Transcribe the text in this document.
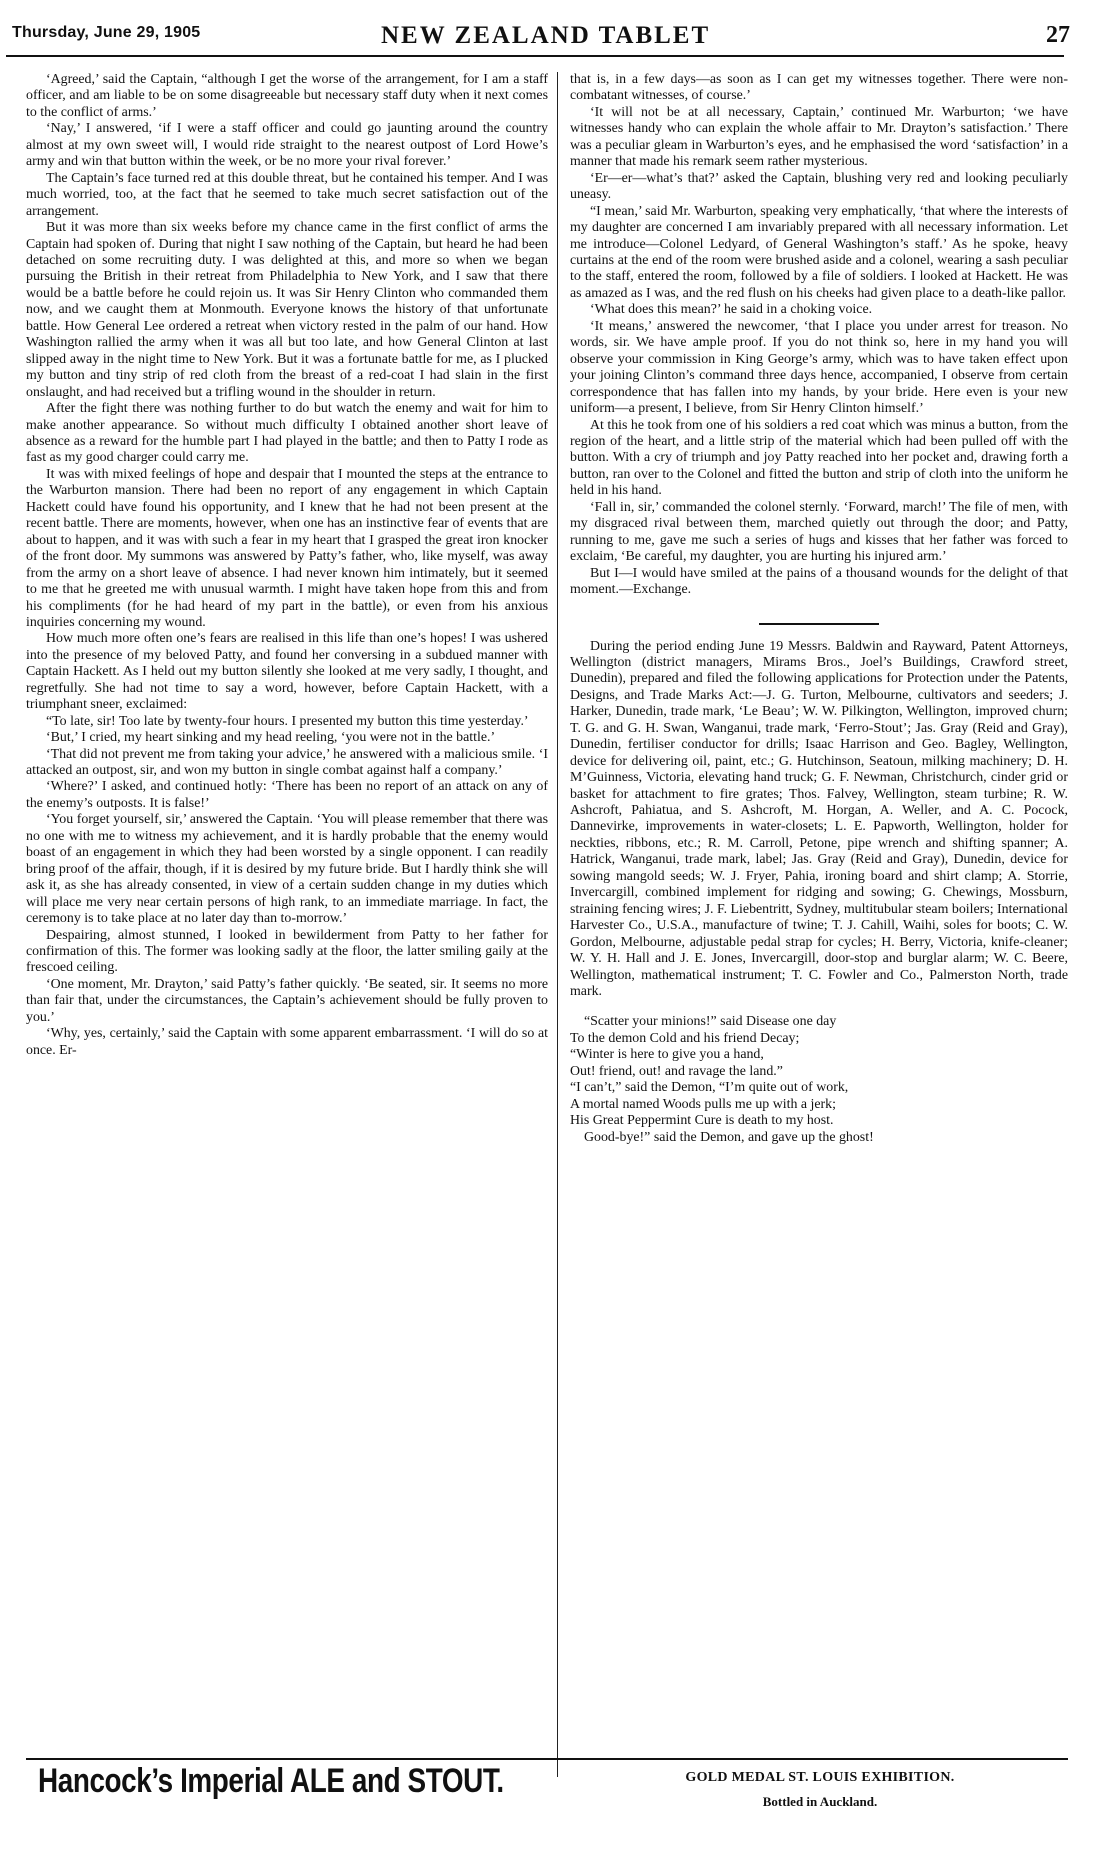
Thursday, June 29, 1905	NEW ZEALAND TABLET	27

‘Agreed,’ said the Captain, “although I get the worse of the arrangement, for I am a staff officer, and am liable to be on some disagreeable but necessary staff duty when it next comes to the conflict of arms.’

‘Nay,’ I answered, ‘if I were a staff officer and could go jaunting around the country almost at my own sweet will, I would ride straight to the nearest outpost of Lord Howe’s army and win that button within the week, or be no more your rival forever.’

The Captain’s face turned red at this double threat, but he contained his temper. And I was much worried, too, at the fact that he seemed to take much secret satisfaction out of the arrangement.

But it was more than six weeks before my chance came in the first conflict of arms the Captain had spoken of. During that night I saw nothing of the Captain, but heard he had been detached on some recruiting duty. I was delighted at this, and more so when we began pursuing the British in their retreat from Philadelphia to New York, and I saw that there would be a battle before he could rejoin us. It was Sir Henry Clinton who commanded them now, and we caught them at Monmouth. Everyone knows the history of that unfortunate battle. How General Lee ordered a retreat when victory rested in the palm of our hand. How Washington rallied the army when it was all but too late, and how General Clinton at last slipped away in the night time to New York. But it was a fortunate battle for me, as I plucked my button and tiny strip of red cloth from the breast of a red-coat I had slain in the first onslaught, and had received but a trifling wound in the shoulder in return.

After the fight there was nothing further to do but watch the enemy and wait for him to make another appearance. So without much difficulty I obtained another short leave of absence as a reward for the humble part I had played in the battle; and then to Patty I rode as fast as my good charger could carry me.

It was with mixed feelings of hope and despair that I mounted the steps at the entrance to the Warburton mansion. There had been no report of any engagement in which Captain Hackett could have found his opportunity, and I knew that he had not been present at the recent battle. There are moments, however, when one has an instinctive fear of events that are about to happen, and it was with such a fear in my heart that I grasped the great iron knocker of the front door. My summons was answered by Patty’s father, who, like myself, was away from the army on a short leave of absence. I had never known him intimately, but it seemed to me that he greeted me with unusual warmth. I might have taken hope from this and from his compliments (for he had heard of my part in the battle), or even from his anxious inquiries concerning my wound.

How much more often one’s fears are realised in this life than one’s hopes! I was ushered into the presence of my beloved Patty, and found her conversing in a subdued manner with Captain Hackett. As I held out my button silently she looked at me very sadly, I thought, and regretfully. She had not time to say a word, however, before Captain Hackett, with a triumphant sneer, exclaimed:

“To late, sir! Too late by twenty-four hours. I presented my button this time yesterday.’

‘But,’ I cried, my heart sinking and my head reeling, ‘you were not in the battle.’

‘That did not prevent me from taking your advice,’ he answered with a malicious smile. ‘I attacked an outpost, sir, and won my button in single combat against half a company.’

‘Where?’ I asked, and continued hotly: ‘There has been no report of an attack on any of the enemy’s outposts. It is false!’

‘You forget yourself, sir,’ answered the Captain. ‘You will please remember that there was no one with me to witness my achievement, and it is hardly probable that the enemy would boast of an engagement in which they had been worsted by a single opponent. I can readily bring proof of the affair, though, if it is desired by my future bride. But I hardly think she will ask it, as she has already consented, in view of a certain sudden change in my duties which will place me very near certain persons of high rank, to an immediate marriage. In fact, the ceremony is to take place at no later day than to-morrow.’

Despairing, almost stunned, I looked in bewilderment from Patty to her father for confirmation of this. The former was looking sadly at the floor, the latter smiling gaily at the frescoed ceiling.

‘One moment, Mr. Drayton,’ said Patty’s father quickly. ‘Be seated, sir. It seems no more than fair that, under the circumstances, the Captain’s achievement should be fully proven to you.’

‘Why, yes, certainly,’ said the Captain with some apparent embarrassment. ‘I will do so at once. Er-

that is, in a few days—as soon as I can get my witnesses together. There were non-combatant witnesses, of course.’

‘It will not be at all necessary, Captain,’ continued Mr. Warburton; ‘we have witnesses handy who can explain the whole affair to Mr. Drayton’s satisfaction.’ There was a peculiar gleam in Warburton’s eyes, and he emphasised the word ‘satisfaction’ in a manner that made his remark seem rather mysterious.

‘Er—er—what’s that?’ asked the Captain, blushing very red and looking peculiarly uneasy.

“I mean,’ said Mr. Warburton, speaking very emphatically, ‘that where the interests of my daughter are concerned I am invariably prepared with all necessary information. Let me introduce—Colonel Ledyard, of General Washington’s staff.’ As he spoke, heavy curtains at the end of the room were brushed aside and a colonel, wearing a sash peculiar to the staff, entered the room, followed by a file of soldiers. I looked at Hackett. He was as amazed as I was, and the red flush on his cheeks had given place to a death-like pallor.

‘What does this mean?’ he said in a choking voice.

‘It means,’ answered the newcomer, ‘that I place you under arrest for treason. No words, sir. We have ample proof. If you do not think so, here in my hand you will observe your commission in King George’s army, which was to have taken effect upon your joining Clinton’s command three days hence, accompanied, I observe from certain correspondence that has fallen into my hands, by your bride. Here even is your new uniform—a present, I believe, from Sir Henry Clinton himself.’

At this he took from one of his soldiers a red coat which was minus a button, from the region of the heart, and a little strip of the material which had been pulled off with the button. With a cry of triumph and joy Patty reached into her pocket and, drawing forth a button, ran over to the Colonel and fitted the button and strip of cloth into the uniform he held in his hand.

‘Fall in, sir,’ commanded the colonel sternly. ‘Forward, march!’ The file of men, with my disgraced rival between them, marched quietly out through the door; and Patty, running to me, gave me such a series of hugs and kisses that her father was forced to exclaim, ‘Be careful, my daughter, you are hurting his injured arm.’

But I—I would have smiled at the pains of a thousand wounds for the delight of that moment.—Exchange.

During the period ending June 19 Messrs. Baldwin and Rayward, Patent Attorneys, Wellington (district managers, Mirams Bros., Joel’s Buildings, Crawford street, Dunedin), prepared and filed the following applications for Protection under the Patents, Designs, and Trade Marks Act:—J. G. Turton, Melbourne, cultivators and seeders; J. Harker, Dunedin, trade mark, ‘Le Beau’; W. W. Pilkington, Wellington, improved churn; T. G. and G. H. Swan, Wanganui, trade mark, ‘Ferro-Stout’; Jas. Gray (Reid and Gray), Dunedin, fertiliser conductor for drills; Isaac Harrison and Geo. Bagley, Wellington, device for delivering oil, paint, etc.; G. Hutchinson, Seatoun, milking machinery; D. H. M’Guinness, Victoria, elevating hand truck; G. F. Newman, Christchurch, cinder grid or basket for attachment to fire grates; Thos. Falvey, Wellington, steam turbine; R. W. Ashcroft, Pahiatua, and S. Ashcroft, M. Horgan, A. Weller, and A. C. Pocock, Dannevirke, improvements in water-closets; L. E. Papworth, Wellington, holder for neckties, ribbons, etc.; R. M. Carroll, Petone, pipe wrench and shifting spanner; A. Hatrick, Wanganui, trade mark, label; Jas. Gray (Reid and Gray), Dunedin, device for sowing mangold seeds; W. J. Fryer, Pahia, ironing board and shirt clamp; A. Storrie, Invercargill, combined implement for ridging and sowing; G. Chewings, Mossburn, straining fencing wires; J. F. Liebentritt, Sydney, multitubular steam boilers; International Harvester Co., U.S.A., manufacture of twine; T. J. Cahill, Waihi, soles for boots; C. W. Gordon, Melbourne, adjustable pedal strap for cycles; H. Berry, Victoria, knife-cleaner; W. Y. H. Hall and J. E. Jones, Invercargill, door-stop and burglar alarm; W. C. Beere, Wellington, mathematical instrument; T. C. Fowler and Co., Palmerston North, trade mark.

“Scatter your minions!” said Disease one day
To the demon Cold and his friend Decay;
“Winter is here to give you a hand,
Out! friend, out! and ravage the land.”
“I can’t,” said the Demon, “I’m quite out of work,
A mortal named Woods pulls me up with a jerk;
His Great Peppermint Cure is death to my host.
Good-bye!” said the Demon, and gave up the ghost!
Hancock’s Imperial ALE and STOUT.	GOLD MEDAL ST. LOUIS EXHIBITION.
Bottled in Auckland.
